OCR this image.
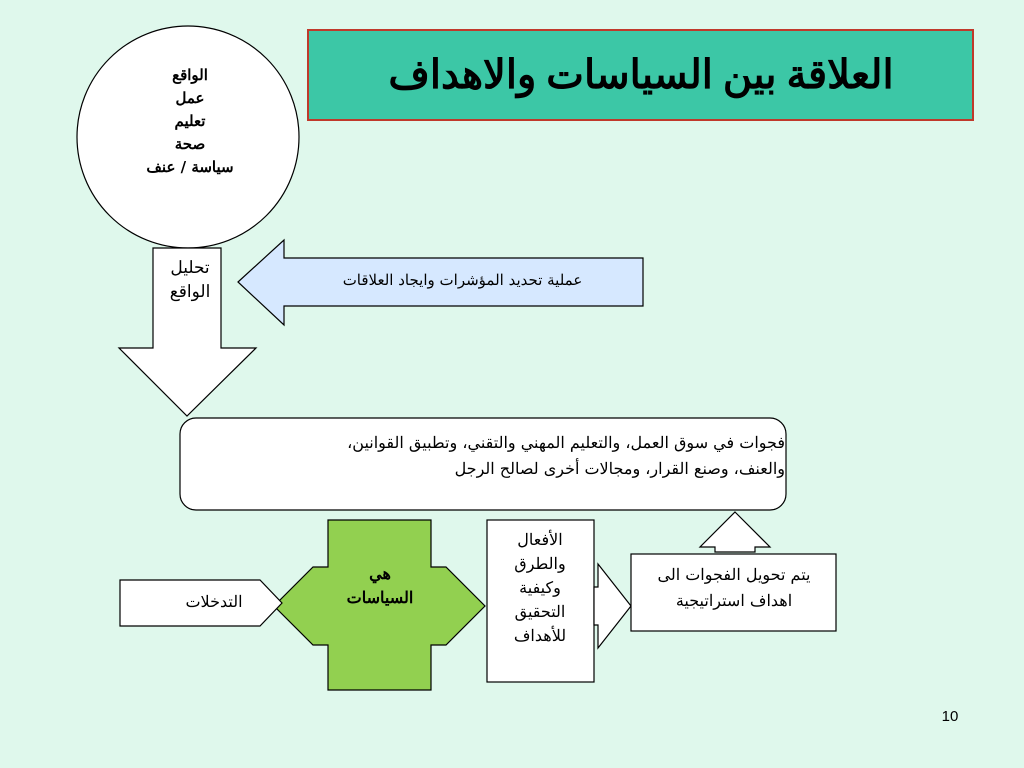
العلاقة بين السياسات والاهداف
الواقع
عمل
تعليم
صحة
سياسة / عنف
تحليل
الواقع
عملية تحديد المؤشرات وايجاد العلاقات
فجوات في سوق العمل، والتعليم المهني والتقني، وتطبيق القوانين،
والعنف، وصنع القرار، ومجالات أخرى لصالح الرجل
هي
السياسات
الأفعال
والطرق
وكيفية
التحقيق
للأهداف
يتم تحويل الفجوات الى
اهداف استراتيجية
التدخلات
10
